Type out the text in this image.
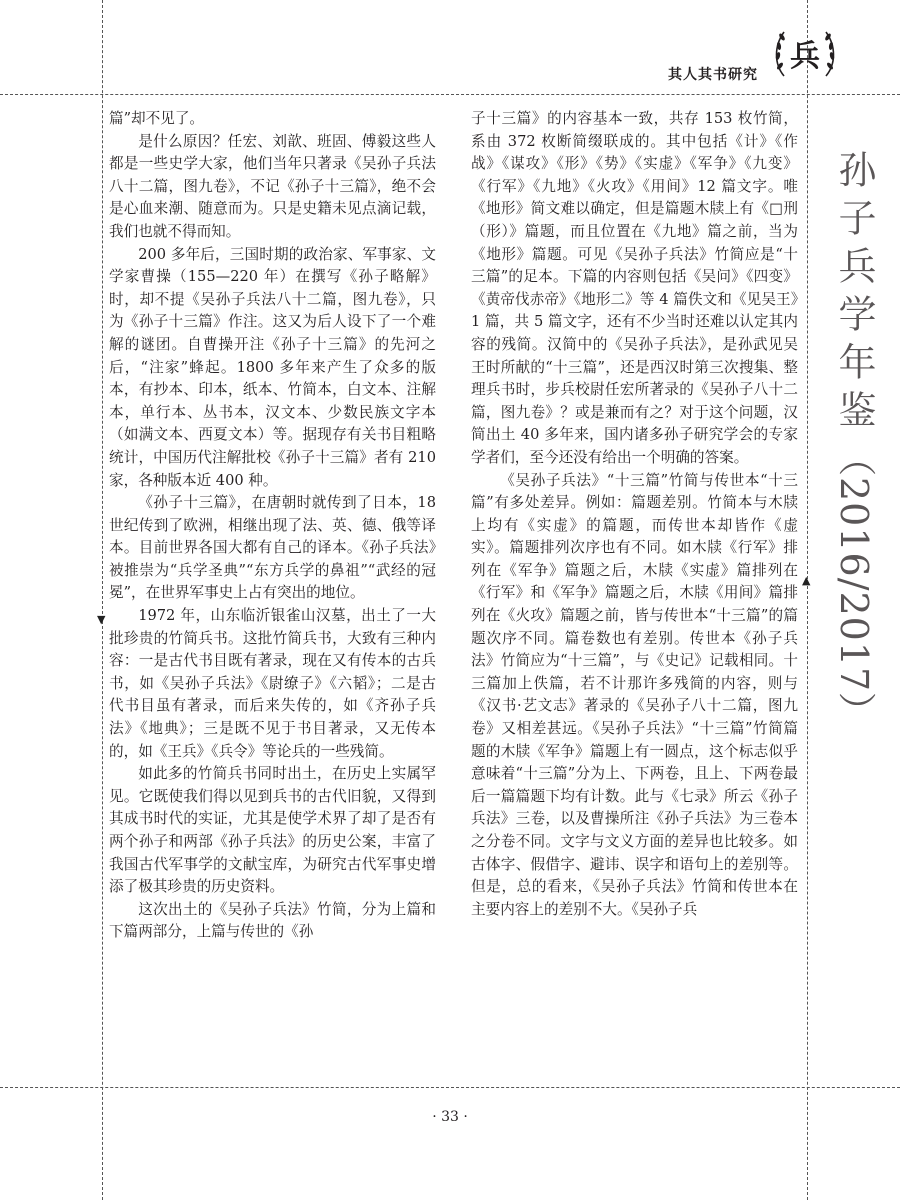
▼
▲
其人其书研究
兵
孙子兵学年鉴（2016/2017）

篇”却不见了。

是什么原因？任宏、刘歆、班固、傅毅这些人都是一些史学大家，他们当年只著录《吴孙子兵法八十二篇，图九卷》，不记《孙子十三篇》，绝不会是心血来潮、随意而为。只是史籍未见点滴记载，我们也就不得而知。

200 多年后，三国时期的政治家、军事家、文学家曹操（155—220 年）在撰写《孙子略解》时，却不提《吴孙子兵法八十二篇，图九卷》，只为《孙子十三篇》作注。这又为后人设下了一个难解的谜团。自曹操开注《孙子十三篇》的先河之后，“注家”蜂起。1800 多年来产生了众多的版本，有抄本、印本，纸本、竹简本，白文本、注解本，单行本、丛书本，汉文本、少数民族文字本（如满文本、西夏文本）等。据现存有关书目粗略统计，中国历代注解批校《孙子十三篇》者有 210 家，各种版本近 400 种。

《孙子十三篇》，在唐朝时就传到了日本，18 世纪传到了欧洲，相继出现了法、英、德、俄等译本。目前世界各国大都有自己的译本。《孙子兵法》被推崇为“兵学圣典”“东方兵学的鼻祖”“武经的冠冕”，在世界军事史上占有突出的地位。

1972 年，山东临沂银雀山汉墓，出土了一大批珍贵的竹简兵书。这批竹简兵书，大致有三种内容：一是古代书目既有著录，现在又有传本的古兵书，如《吴孙子兵法》《尉缭子》《六韬》；二是古代书目虽有著录，而后来失传的，如《齐孙子兵法》《地典》；三是既不见于书目著录，又无传本的，如《王兵》《兵令》等论兵的一些残简。

如此多的竹简兵书同时出土，在历史上实属罕见。它既使我们得以见到兵书的古代旧貌，又得到其成书时代的实证，尤其是使学术界了却了是否有两个孙子和两部《孙子兵法》的历史公案，丰富了我国古代军事学的文献宝库，为研究古代军事史增添了极其珍贵的历史资料。

这次出土的《吴孙子兵法》竹简，分为上篇和下篇两部分，上篇与传世的《孙

子十三篇》的内容基本一致，共存 153 枚竹简，系由 372 枚断简缀联成的。其中包括《计》《作战》《谋攻》《形》《势》《实虚》《军争》《九变》《行军》《九地》《火攻》《用间》12 篇文字。唯《地形》简文难以确定，但是篇题木牍上有《□刑（形）》篇题，而且位置在《九地》篇之前，当为《地形》篇题。可见《吴孙子兵法》竹简应是“十三篇”的足本。下篇的内容则包括《吴问》《四变》《黄帝伐赤帝》《地形二》等 4 篇佚文和《见吴王》1 篇，共 5 篇文字，还有不少当时还难以认定其内容的残简。汉简中的《吴孙子兵法》，是孙武见吴王时所献的“十三篇”，还是西汉时第三次搜集、整理兵书时，步兵校尉任宏所著录的《吴孙子八十二篇，图九卷》？或是兼而有之？对于这个问题，汉简出土 40 多年来，国内诸多孙子研究学会的专家学者们，至今还没有给出一个明确的答案。

《吴孙子兵法》“十三篇”竹简与传世本“十三篇”有多处差异。例如：篇题差别。竹简本与木牍上均有《实虚》的篇题，而传世本却皆作《虚实》。篇题排列次序也有不同。如木牍《行军》排列在《军争》篇题之后，木牍《实虚》篇排列在《行军》和《军争》篇题之后，木牍《用间》篇排列在《火攻》篇题之前，皆与传世本“十三篇”的篇题次序不同。篇卷数也有差别。传世本《孙子兵法》竹简应为“十三篇”，与《史记》记载相同。十三篇加上佚篇，若不计那许多残简的内容，则与《汉书·艺文志》著录的《吴孙子八十二篇，图九卷》又相差甚远。《吴孙子兵法》“十三篇”竹简篇题的木牍《军争》篇题上有一圆点，这个标志似乎意味着“十三篇”分为上、下两卷，且上、下两卷最后一篇篇题下均有计数。此与《七录》所云《孙子兵法》三卷，以及曹操所注《孙子兵法》为三卷本之分卷不同。文字与文义方面的差异也比较多。如古体字、假借字、避讳、误字和语句上的差别等。但是，总的看来，《吴孙子兵法》竹简和传世本在主要内容上的差别不大。《吴孙子兵

· 33 ·
